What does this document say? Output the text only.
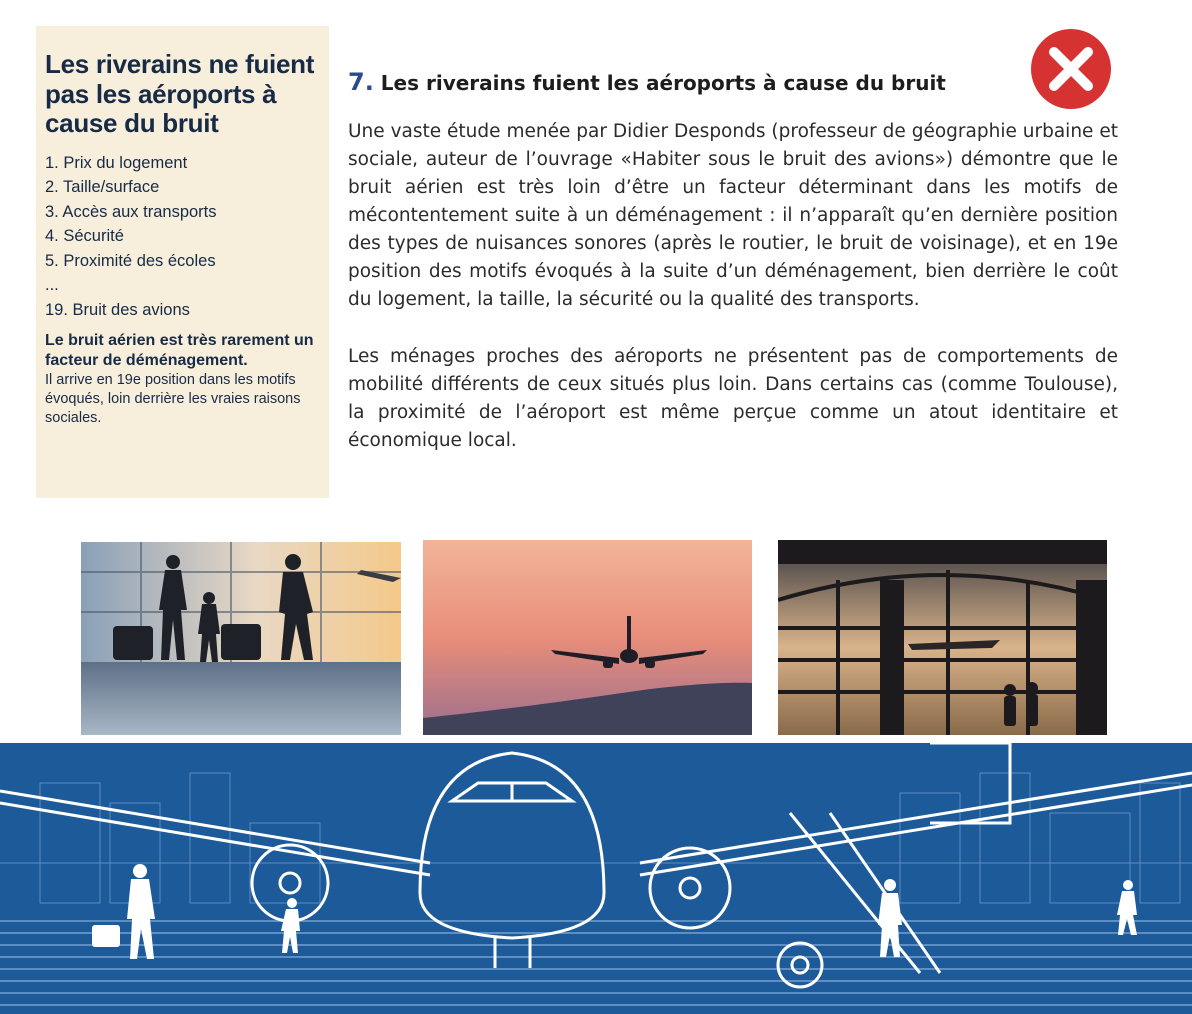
Les riverains ne fuient pas les aéroports à cause du bruit
1. Prix du logement
2. Taille/surface
3. Accès aux transports
4. Sécurité
5. Proximité des écoles
...
19. Bruit des avions
Le bruit aérien est très rarement un facteur de déménagement.
Il arrive en 19e position dans les motifs évoqués, loin derrière les vraies raisons sociales.
7. Les riverains fuient les aéroports à cause du bruit

Une vaste étude menée par Didier Desponds (professeur de géographie urbaine et sociale, auteur de l’ouvrage «Habiter sous le bruit des avions») démontre que le bruit aérien est très loin d’être un facteur déterminant dans les motifs de mécontentement suite à un déménagement : il n’apparaît qu’en dernière position des types de nuisances sonores (après le routier, le bruit de voisinage), et en 19e position des motifs évoqués à la suite d’un déménagement, bien derrière le coût du logement, la taille, la sécurité ou la qualité des transports.

Les ménages proches des aéroports ne présentent pas de comportements de mobilité différents de ceux situés plus loin. Dans certains cas (comme Toulouse), la proximité de l’aéroport est même perçue comme un atout identitaire et économique local.
